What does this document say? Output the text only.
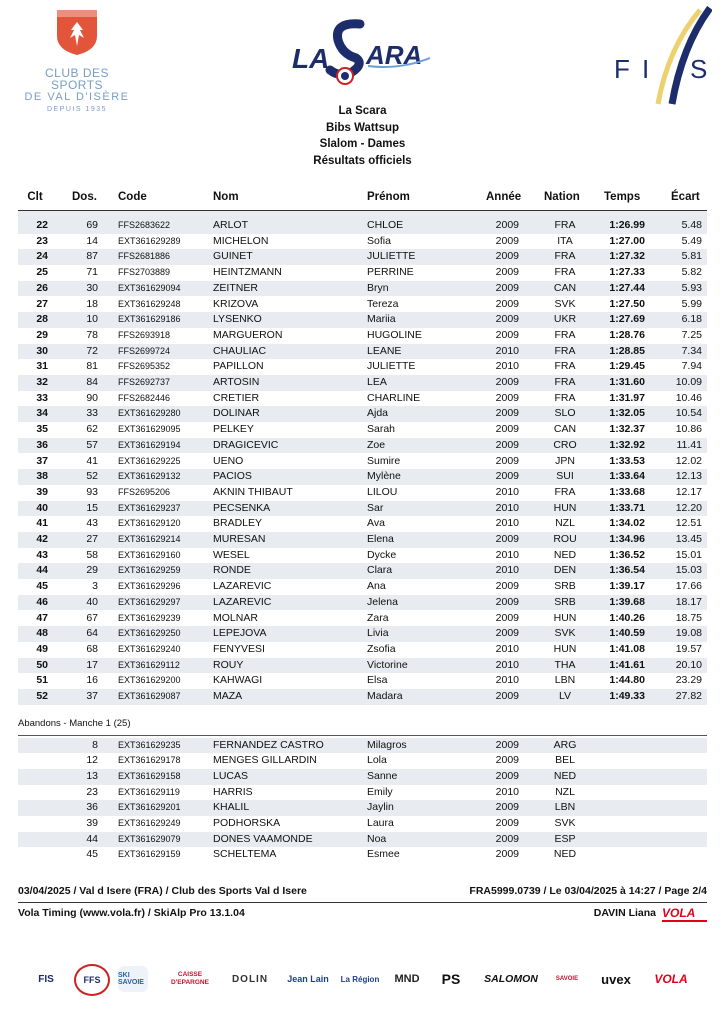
CLUB DES SPORTS
DE VAL D'ISÈRE
DEPUIS 1935
LA ARA	F I S
La Scara
Bibs Wattsup
Slalom - Dames
Résultats officiels
Clt	Dos.	Code	Nom	Prénom	Année Nation Temps	Écart
22	69 FFS2683622	ARLOT	CHLOE	2009	FRA	1:26.99	5.48
23	14 EXT361629289	MICHELON	Sofia	2009	ITA	1:27.00	5.49
24	87 FFS2681886	GUINET	JULIETTE	2009	FRA	1:27.32	5.81
25	71 FFS2703889	HEINTZMANN	PERRINE	2009	FRA	1:27.33	5.82
26	30 EXT361629094	ZEITNER	Bryn	2009	CAN	1:27.44	5.93
27	18 EXT361629248	KRIZOVA	Tereza	2009	SVK	1:27.50	5.99
28	10 EXT361629186	LYSENKO	Mariia	2009	UKR	1:27.69	6.18
29	78 FFS2693918	MARGUERON	HUGOLINE	2009	FRA	1:28.76	7.25
30	72 FFS2699724	CHAULIAC	LEANE	2010	FRA	1:28.85	7.34
31	81 FFS2695352	PAPILLON	JULIETTE	2010	FRA	1:29.45	7.94
32	84 FFS2692737	ARTOSIN	LEA	2009	FRA	1:31.60	10.09
33	90 FFS2682446	CRETIER	CHARLINE	2009	FRA	1:31.97	10.46
34	33 EXT361629280	DOLINAR	Ajda	2009	SLO	1:32.05	10.54
35	62 EXT361629095	PELKEY	Sarah	2009	CAN	1:32.37	10.86
36	57 EXT361629194	DRAGICEVIC	Zoe	2009	CRO	1:32.92	11.41
37	41 EXT361629225	UENO	Sumire	2009	JPN	1:33.53	12.02
38	52 EXT361629132	PACIOS	Mylène	2009	SUI	1:33.64	12.13
39	93 FFS2695206	AKNIN THIBAUT	LILOU	2010	FRA	1:33.68	12.17
40	15 EXT361629237	PECSENKA	Sar	2010	HUN	1:33.71	12.20
41	43 EXT361629120	BRADLEY	Ava	2010	NZL	1:34.02	12.51
42	27 EXT361629214	MURESAN	Elena	2009	ROU	1:34.96	13.45
43	58 EXT361629160	WESEL	Dycke	2010	NED	1:36.52	15.01
44	29 EXT361629259	RONDE	Clara	2010	DEN	1:36.54	15.03
45	3 EXT361629296	LAZAREVIC	Ana	2009	SRB	1:39.17	17.66
46	40 EXT361629297	LAZAREVIC	Jelena	2009	SRB	1:39.68	18.17
47	67 EXT361629239	MOLNAR	Zara	2009	HUN	1:40.26	18.75
48	64 EXT361629250	LEPEJOVA	Livia	2009	SVK	1:40.59	19.08
49	68 EXT361629240	FENYVESI	Zsofia	2010	HUN	1:41.08	19.57
50	17 EXT361629112	ROUY	Victorine	2010	THA	1:41.61	20.10
51	16 EXT361629200	KAHWAGI	Elsa	2010	LBN	1:44.80	23.29
52	37 EXT361629087	MAZA	Madara	2009	LV	1:49.33	27.82
Abandons - Manche 1 (25)
8 EXT361629235	FERNANDEZ CASTRO	Milagros	2009	ARG
12 EXT361629178	MENGES GILLARDIN	Lola	2009	BEL
13 EXT361629158	LUCAS	Sanne	2009	NED
23 EXT361629119	HARRIS	Emily	2010	NZL
36 EXT361629201	KHALIL	Jaylin	2009	LBN
39 EXT361629249	PODHORSKA	Laura	2009	SVK
44 EXT361629079	DONES VAAMONDE	Noa	2009	ESP
45 EXT361629159	SCHELTEMA	Esmee	2009	NED
03/04/2025 / Val d Isere (FRA) / Club des Sports Val d Isere	FRA5999.0739 / Le 03/04/2025 à 14:27 / Page 2/4
Vola Timing (www.vola.fr) / SkiAlp Pro 13.1.04	DAVIN Liana VOLA
FIS	FFS	SKI SAVOIE
CAISSE D'EPARGNE	DOLIN	Jean Lain	La Région	MND	PS	SALOMON	SAVOIE	uvex	VOLA
